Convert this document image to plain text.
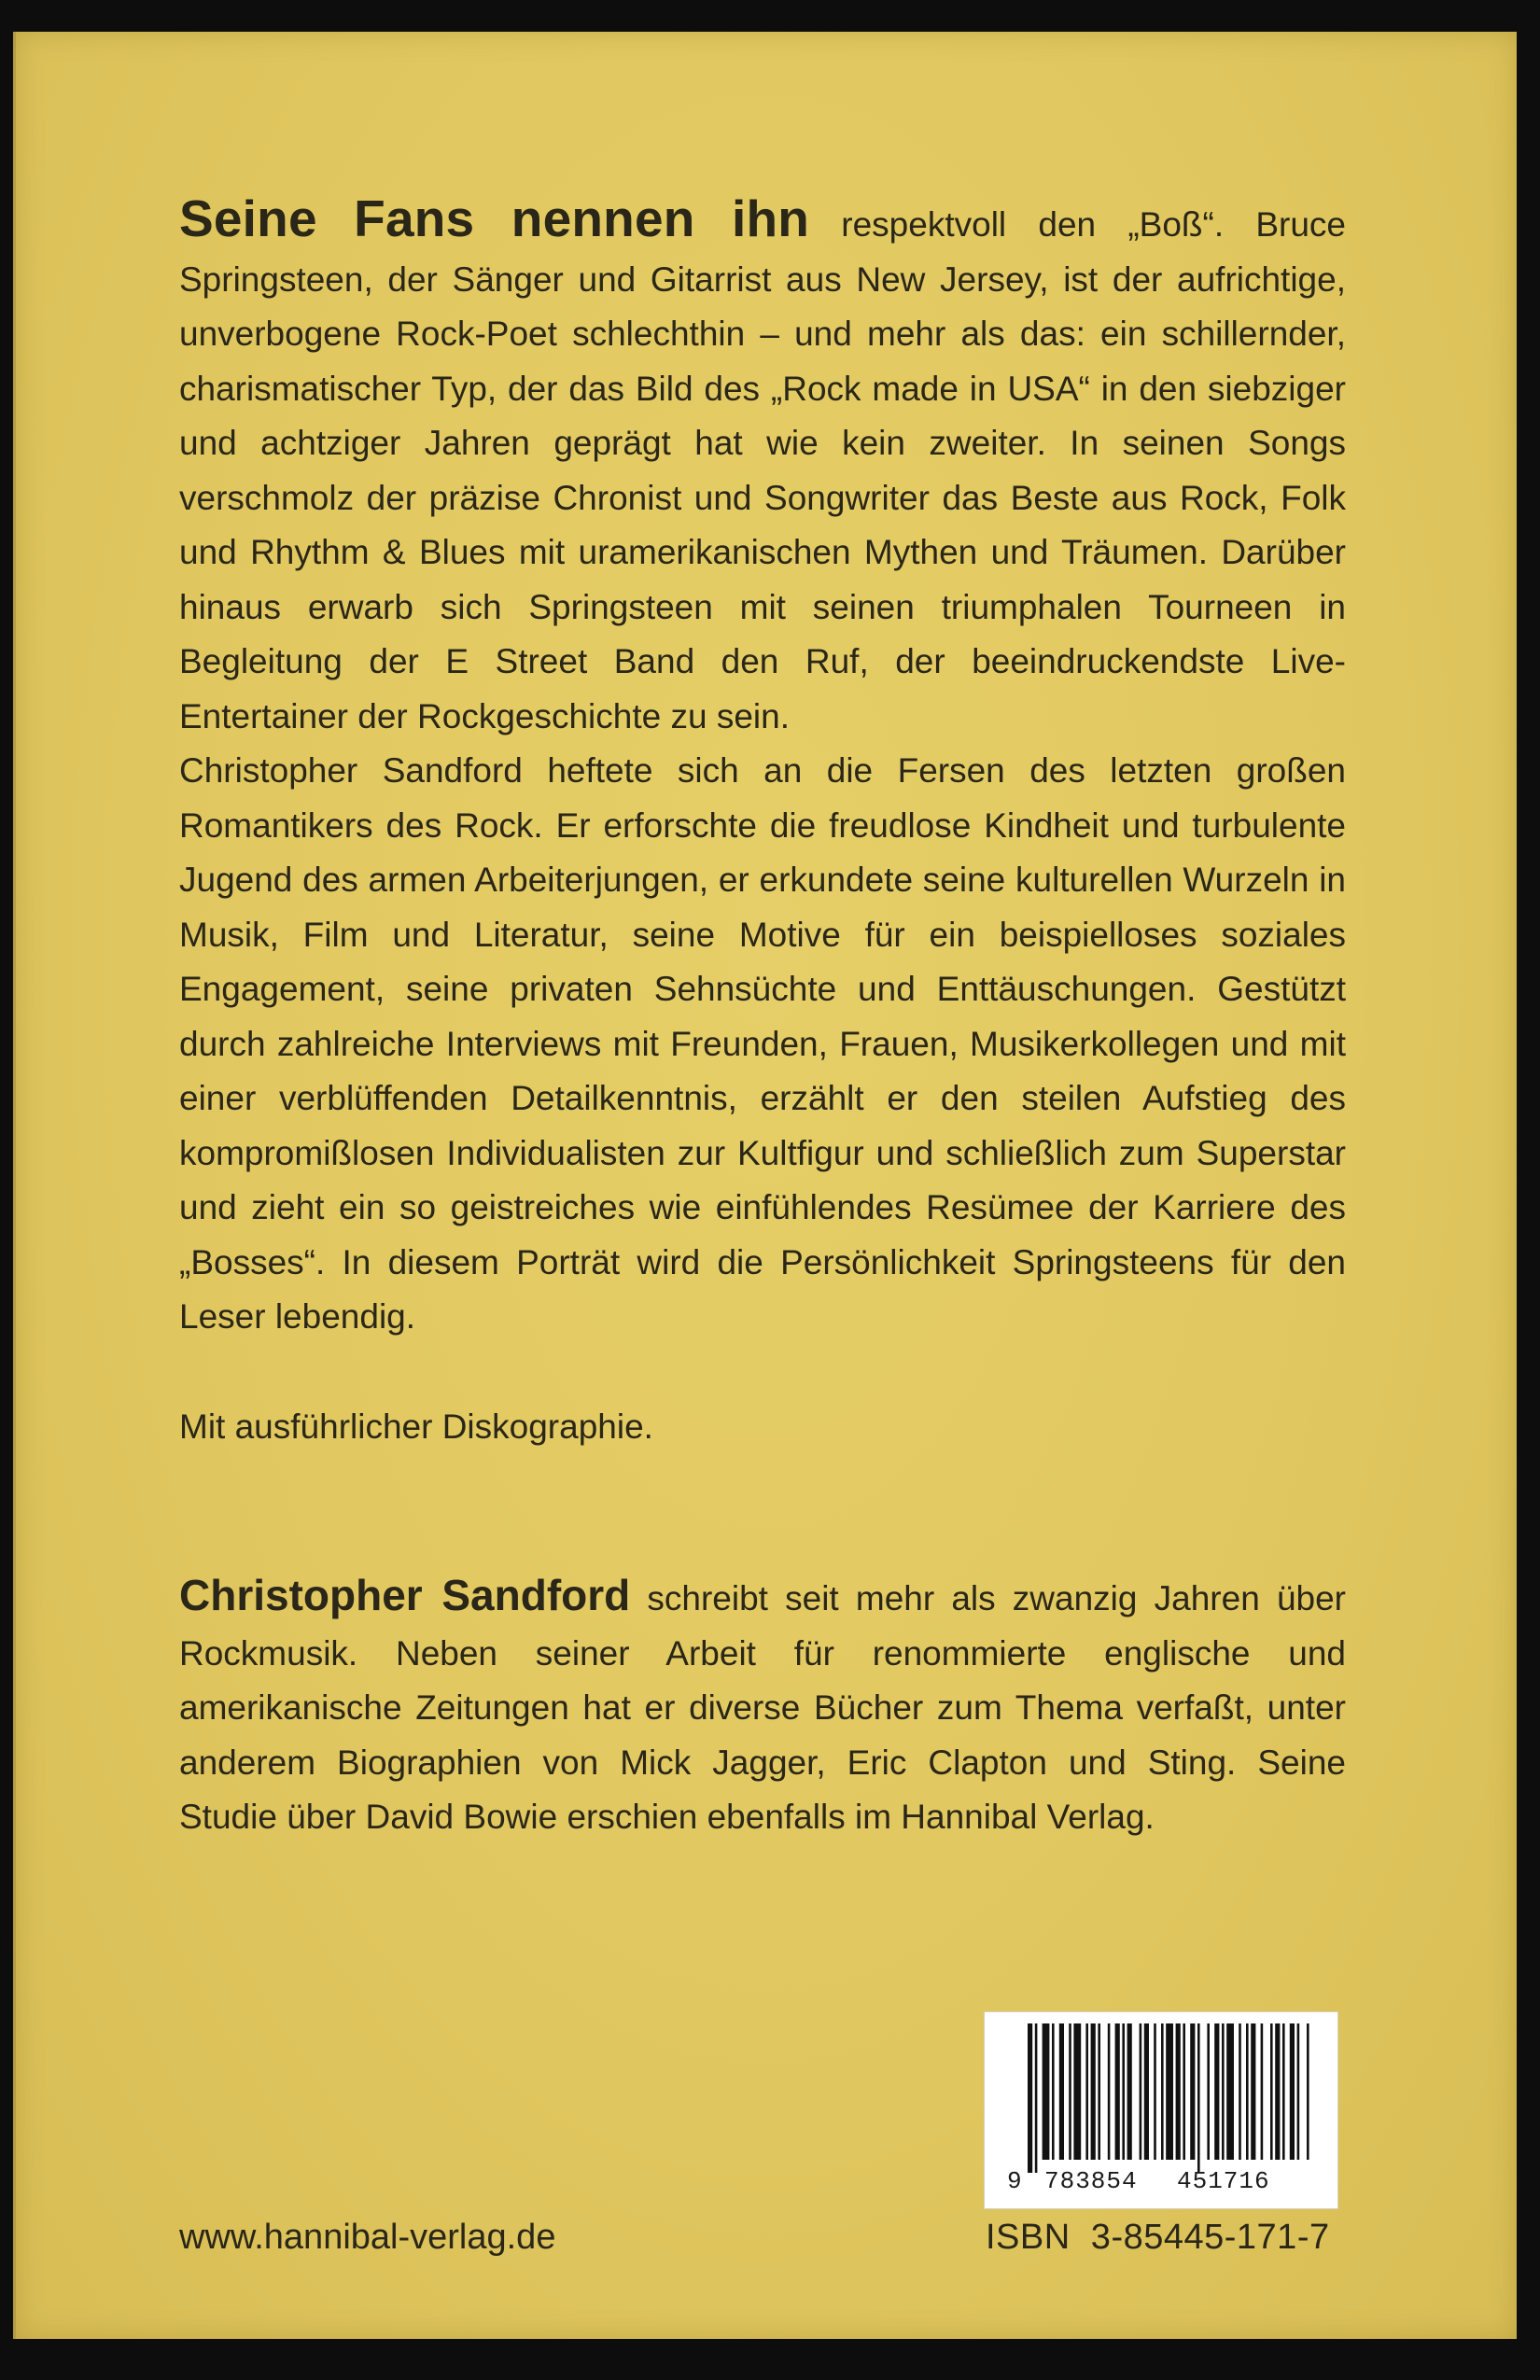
Seine Fans nennen ihn respektvoll den „Boß“. Bruce Springsteen, der Sänger und Gitarrist aus New Jersey, ist der aufrichtige, unverbogene Rock-Poet schlechthin – und mehr als das: ein schillernder, charismatischer Typ, der das Bild des „Rock made in USA“ in den siebziger und achtziger Jahren geprägt hat wie kein zweiter. In seinen Songs verschmolz der präzise Chronist und Songwriter das Beste aus Rock, Folk und Rhythm & Blues mit uramerikanischen Mythen und Träumen. Darüber hinaus erwarb sich Springsteen mit seinen triumphalen Tourneen in Begleitung der E Street Band den Ruf, der beeindruckendste Live-Entertainer der Rockgeschichte zu sein.

Christopher Sandford heftete sich an die Fersen des letzten großen Romantikers des Rock. Er erforschte die freudlose Kindheit und turbulente Jugend des armen Arbeiterjungen, er erkundete seine kulturellen Wurzeln in Musik, Film und Literatur, seine Motive für ein beispielloses soziales Engagement, seine privaten Sehnsüchte und Enttäuschungen. Gestützt durch zahlreiche Interviews mit Freunden, Frauen, Musikerkollegen und mit einer verblüffenden Detailkenntnis, erzählt er den steilen Aufstieg des kompromißlosen Individualisten zur Kultfigur und schließlich zum Superstar und zieht ein so geistreiches wie einfühlendes Resümee der Karriere des „Bosses“. In diesem Porträt wird die Persönlichkeit Springsteens für den Leser lebendig.

Mit ausführlicher Diskographie.

Christopher Sandford schreibt seit mehr als zwanzig Jahren über Rockmusik. Neben seiner Arbeit für renommierte englische und amerikanische Zeitungen hat er diverse Bücher zum Thema verfaßt, unter anderem Biographien von Mick Jagger, Eric Clapton und Sting. Seine Studie über David Bowie erschien ebenfalls im Hannibal Verlag.

9 783854 451716

www.hannibal-verlag.de	ISBN  3-85445-171-7
